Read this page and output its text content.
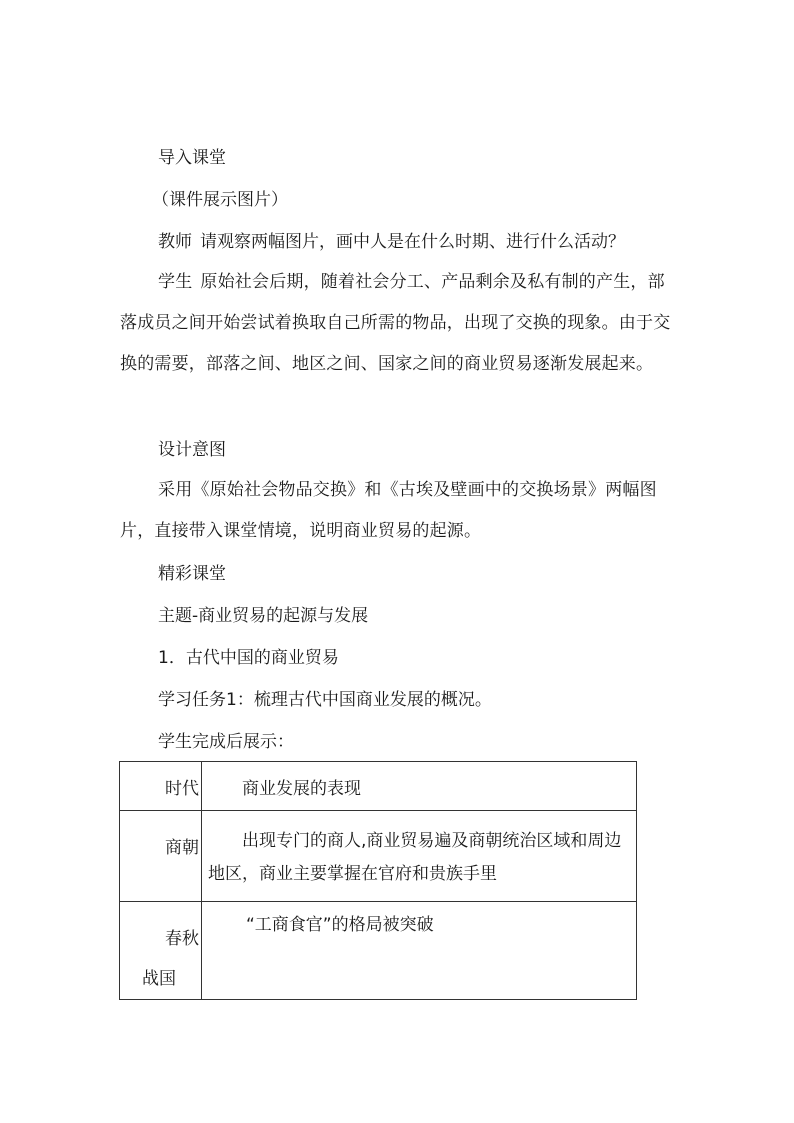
导入课堂
（课件展示图片）
教师 请观察两幅图片，画中人是在什么时期、进行什么活动？
学生 原始社会后期，随着社会分工、产品剩余及私有制的产生，部落成员之间开始尝试着换取自己所需的物品，出现了交换的现象。由于交换的需要，部落之间、地区之间、国家之间的商业贸易逐渐发展起来。
设计意图
采用《原始社会物品交换》和《古埃及壁画中的交换场景》两幅图片，直接带入课堂情境，说明商业贸易的起源。
精彩课堂
主题-商业贸易的起源与发展
1．古代中国的商业贸易
学习任务1：梳理古代中国商业发展的概况。
学生完成后展示：
时代	商业发展的表现

商朝	出现专门的商人,商业贸易遍及商朝统治区域和周边地区，商业主要掌握在官府和贵族手里

春秋
战国	“工商食官”的格局被突破
